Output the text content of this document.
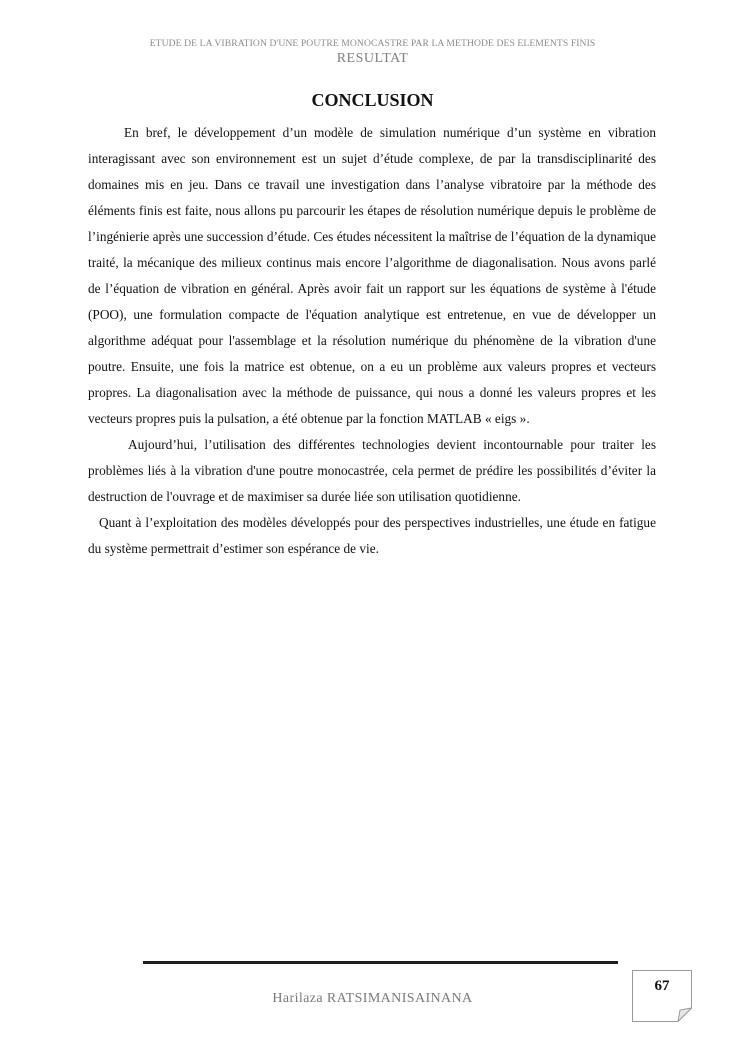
ETUDE DE LA VIBRATION D'UNE POUTRE MONOCASTRE PAR LA METHODE DES ELEMENTS FINIS
RESULTAT
CONCLUSION

En bref, le développement d’un modèle de simulation numérique d’un système en vibration interagissant avec son environnement est un sujet d’étude complexe, de par la transdisciplinarité des domaines mis en jeu. Dans ce travail une investigation dans l’analyse vibratoire par la méthode des éléments finis est faite, nous allons pu parcourir les étapes de résolution numérique depuis le problème de l’ingénierie après une succession d’étude. Ces études nécessitent la maîtrise de l’équation de la dynamique traité, la mécanique des milieux continus mais encore l’algorithme de diagonalisation. Nous avons parlé de l’équation de vibration en général. Après avoir fait un rapport sur les équations de système à l'étude (POO), une formulation compacte de l'équation analytique est entretenue, en vue de développer un algorithme adéquat pour l'assemblage et la résolution numérique du phénomène de la vibration d'une poutre. Ensuite, une fois la matrice est obtenue, on a eu un problème aux valeurs propres et vecteurs propres. La diagonalisation avec la méthode de puissance, qui nous a donné les valeurs propres et les vecteurs propres puis la pulsation, a été obtenue par la fonction MATLAB « eigs ».

Aujourd’hui, l’utilisation des différentes technologies devient incontournable pour traiter les problèmes liés à la vibration d'une poutre monocastrée, cela permet de prédire les possibilités d’éviter la destruction de l'ouvrage et de maximiser sa durée liée son utilisation quotidienne.

Quant à l’exploitation des modèles développés pour des perspectives industrielles, une étude en fatigue du système permettrait d’estimer son espérance de vie.

Harilaza RATSIMANISAINANA
67
